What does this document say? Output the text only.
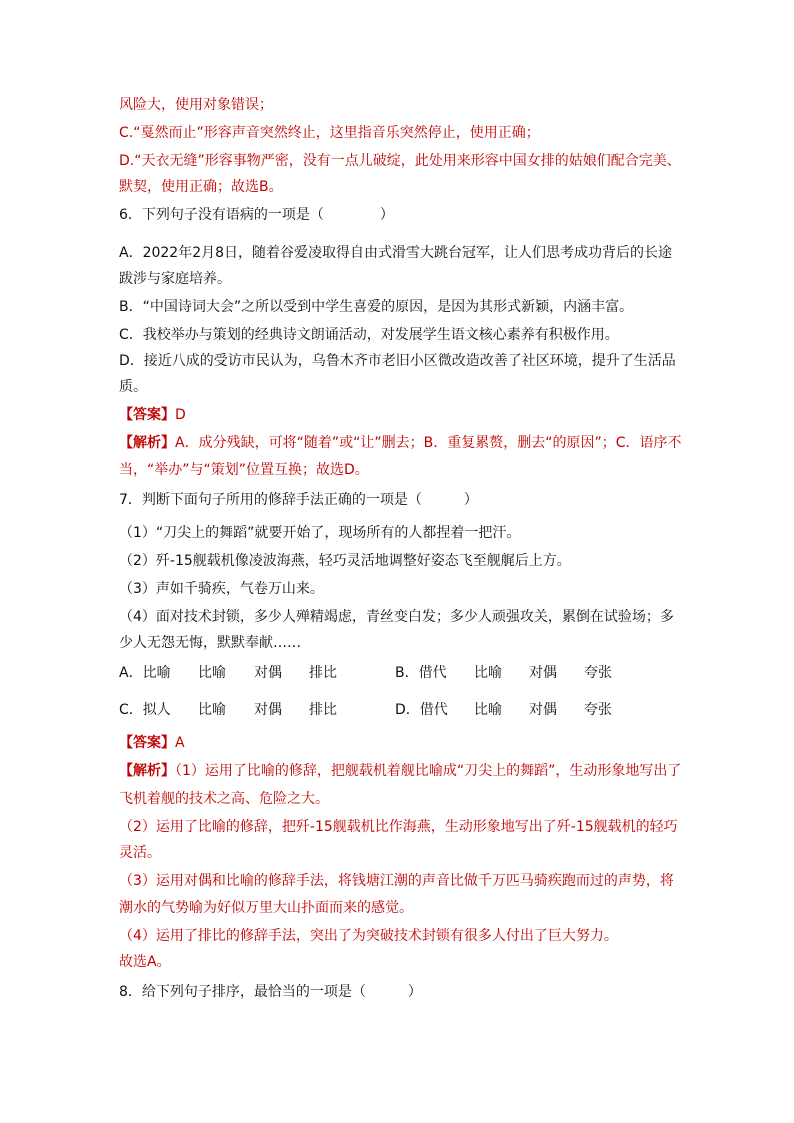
风险大，使用对象错误；
C.“戛然而止”形容声音突然终止，这里指音乐突然停止，使用正确；
D.“天衣无缝”形容事物严密，没有一点儿破绽，此处用来形容中国女排的姑娘们配合完美、
默契，使用正确；故选B。
6．下列句子没有语病的一项是（　　　　）
A．2022年2月8日，随着谷爱凌取得自由式滑雪大跳台冠军，让人们思考成功背后的长途
跋涉与家庭培养。
B．“中国诗词大会”之所以受到中学生喜爱的原因，是因为其形式新颖，内涵丰富。
C．我校举办与策划的经典诗文朗诵活动，对发展学生语文核心素养有积极作用。
D．接近八成的受访市民认为，乌鲁木齐市老旧小区微改造改善了社区环境，提升了生活品
质。
【答案】D
【解析】A．成分残缺，可将“随着”或“让”删去；B．重复累赘，删去“的原因”；C．语序不
当，“举办”与“策划”位置互换；故选D。
7．判断下面句子所用的修辞手法正确的一项是（　　　）
（1）“刀尖上的舞蹈”就要开始了，现场所有的人都捏着一把汗。
（2）歼-15舰载机像凌波海燕，轻巧灵活地调整好姿态飞至舰艉后上方。
（3）声如千骑疾，气卷万山来。
（4）面对技术封锁，多少人殚精竭虑，青丝变白发；多少人顽强攻关，累倒在试验场；多
少人无怨无悔，默默奉献……
A．比喻 比喻 对偶 排比	B．借代 比喻 对偶 夸张
C．拟人 比喻 对偶 排比	D．借代 比喻 对偶 夸张
【答案】A
【解析】（1）运用了比喻的修辞，把舰载机着舰比喻成“刀尖上的舞蹈”，生动形象地写出了
飞机着舰的技术之高、危险之大。
（2）运用了比喻的修辞，把歼-15舰载机比作海燕，生动形象地写出了歼-15舰载机的轻巧
灵活。
（3）运用对偶和比喻的修辞手法，将钱塘江潮的声音比做千万匹马骑疾跑而过的声势，将
潮水的气势喻为好似万里大山扑面而来的感觉。
（4）运用了排比的修辞手法，突出了为突破技术封锁有很多人付出了巨大努力。
故选A。
8．给下列句子排序，最恰当的一项是（　　　）
